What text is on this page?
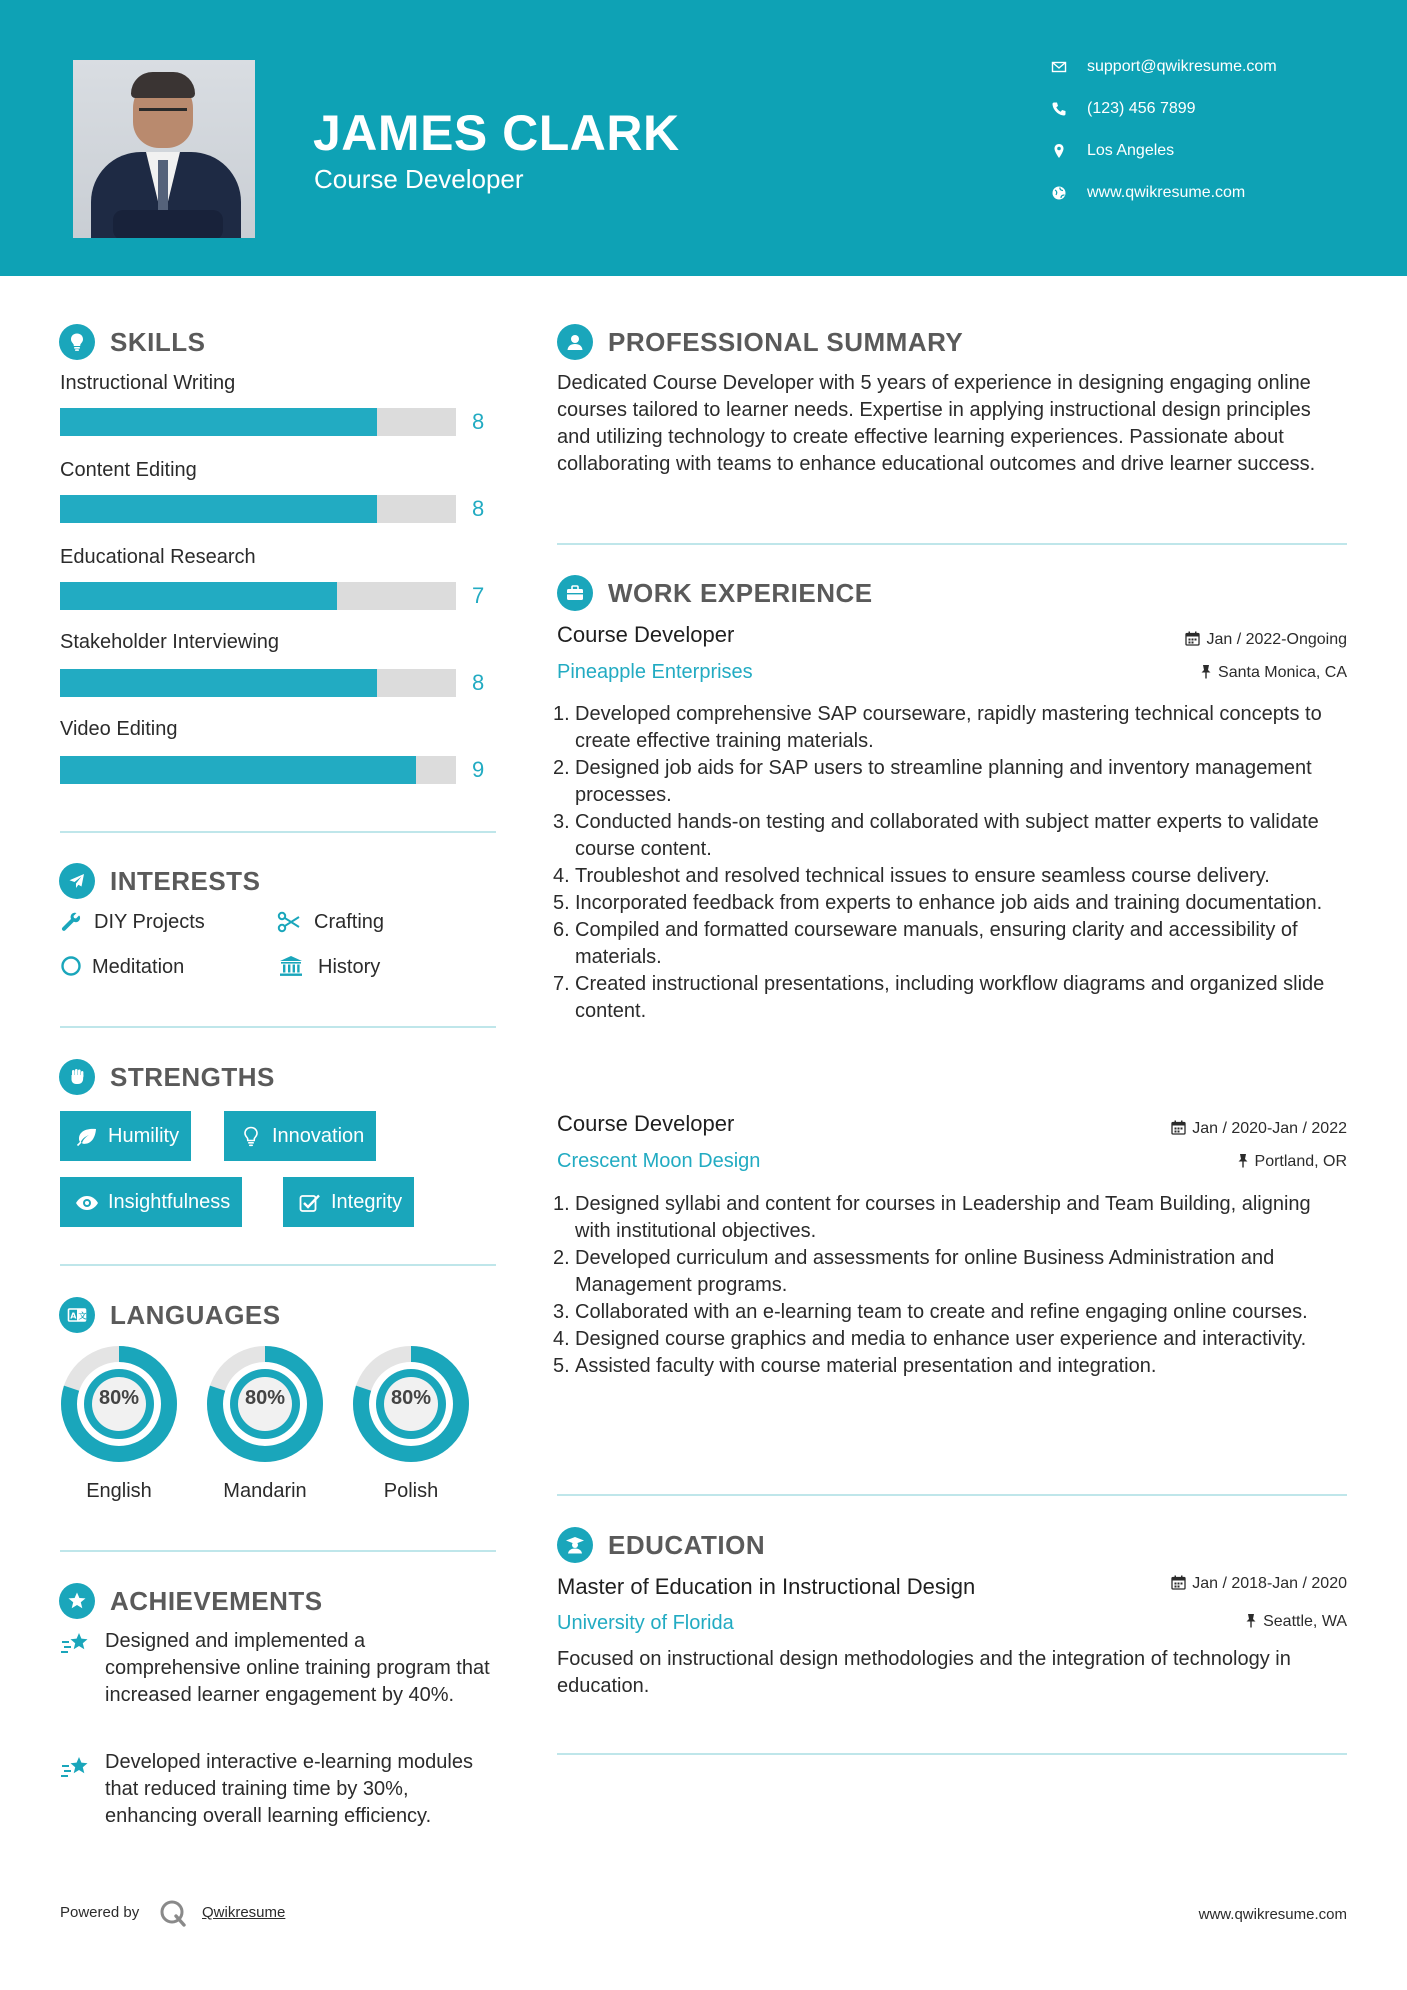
JAMES CLARK
Course Developer
support@qwikresume.com
(123) 456 7899
Los Angeles
www.qwikresume.com
SKILLS
Instructional Writing
8
Content Editing
8
Educational Research
7
Stakeholder Interviewing
8
Video Editing
9
INTERESTS
DIY Projects	Crafting
Meditation	History
STRENGTHS
Humility	Innovation
Insightfulness	Integrity
A 文 LANGUAGES
80%
English
80%
Mandarin
80%
Polish
ACHIEVEMENTS
Designed and implemented a comprehensive online training program that increased learner engagement by 40%.
Developed interactive e-learning modules that reduced training time by 30%, enhancing overall learning efficiency.
PROFESSIONAL SUMMARY
Dedicated Course Developer with 5 years of experience in designing engaging online courses tailored to learner needs. Expertise in applying instructional design principles and utilizing technology to create effective learning experiences. Passionate about collaborating with teams to enhance educational outcomes and drive learner success.
WORK EXPERIENCE
Course Developer	Jan / 2022-Ongoing
Pineapple Enterprises	Santa Monica, CA
1. Developed comprehensive SAP courseware, rapidly mastering technical concepts to create effective training materials.
2. Designed job aids for SAP users to streamline planning and inventory management processes.
3. Conducted hands-on testing and collaborated with subject matter experts to validate course content.
4. Troubleshot and resolved technical issues to ensure seamless course delivery.
5. Incorporated feedback from experts to enhance job aids and training documentation.
6. Compiled and formatted courseware manuals, ensuring clarity and accessibility of materials.
7. Created instructional presentations, including workflow diagrams and organized slide content.
Course Developer	Jan / 2020-Jan / 2022
Crescent Moon Design	Portland, OR
1. Designed syllabi and content for courses in Leadership and Team Building, aligning with institutional objectives.
2. Developed curriculum and assessments for online Business Administration and Management programs.
3. Collaborated with an e-learning team to create and refine engaging online courses.
4. Designed course graphics and media to enhance user experience and interactivity.
5. Assisted faculty with course material presentation and integration.
EDUCATION
Master of Education in Instructional Design	Jan / 2018-Jan / 2020
University of Florida	Seattle, WA
Focused on instructional design methodologies and the integration of technology in education.
Powered by	Qwikresume	www.qwikresume.com
